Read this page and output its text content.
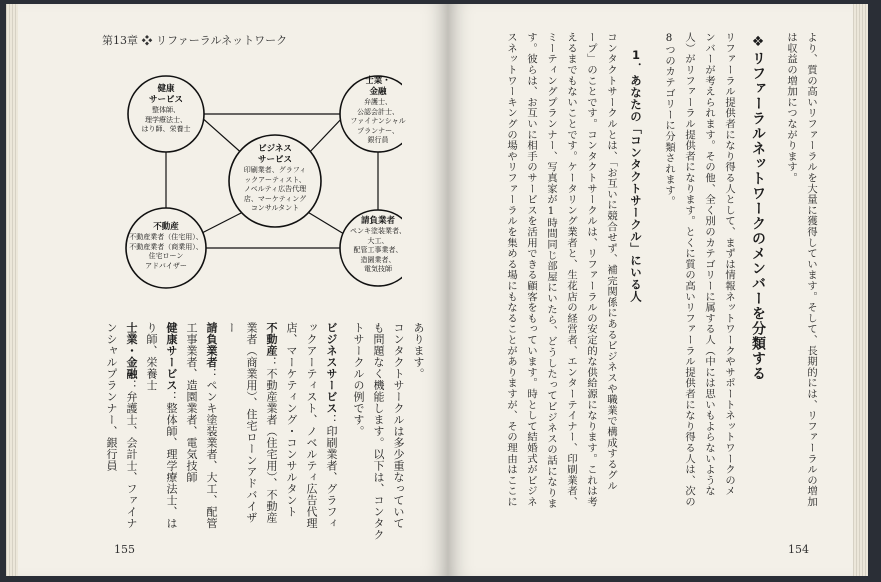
第13章 ❖ リファーラルネットワーク
健康
サービス
整体師、
理学療法士、
はり師、栄養士
士業・
金融
弁護士、
公認会計士、
ファイナンシャル
プランナー、
銀行員
ビジネス
サービス
印刷業者、グラフィ
ックアーティスト、
ノベルティ広告代理
店、マーケティング
コンサルタント
不動産
不動産業者（住宅用）、
不動産業者（商業用）、
住宅ローン
アドバイザー
請負業者
ペンキ塗装業者、
大工、
配管工事業者、
造園業者、
電気技師
あります。
コンタクトサークルは多少重なっていて
も問題なく機能します。以下は、コンタク
トサークルの例です。
ビジネスサービス：印刷業者、グラフィ
ックアーティスト、ノベルティ広告代理
店、マーケティング・コンサルタント
不動産：不動産業者（住宅用）、不動産
業者（商業用）、住宅ローンアドバイザ
ー
請負業者：ペンキ塗装業者、大工、配管
工事業者、造園業者、電気技師
健康サービス：整体師、理学療法士、は
り師、栄養士
士業・金融：弁護士、会計士、ファイナ
ンシャルプランナー、銀行員
155
より、質の高いリファーラルを大量に獲得しています。そして、長期的には、リファーラルの増加
は収益の増加につながります。
❖リファーラルネットワークのメンバーを分類する
リファーラル提供者になり得る人として、まずは情報ネットワークやサポートネットワークのメ
ンバーが考えられます。その他、全く別のカテゴリーに属する人（中には思いもよらないような
人）がリファーラル提供者になります。とくに質の高いリファーラル提供者になり得る人は、次の
8つのカテゴリーに分類されます。
1．あなたの「コンタクトサークル」にいる人
コンタクトサークルとは、「お互いに競合せず、補完関係にあるビジネスや職業で構成するグル
ープ」のことです。コンタクトサークルは、リファーラルの安定的な供給源になります。これは考
えるまでもないことです。ケータリング業者と、生花店の経営者、エンターテイナー、印刷業者、
ミーティングプランナー、写真家が1時間同じ部屋にいたら、どうしたってビジネスの話になりま
す。彼らは、お互いに相手のサービスを活用できる顧客をもっています。時として結婚式がビジネ
スネットワーキングの場やリファーラルを集める場にもなることがありますが、その理由はここに
154
